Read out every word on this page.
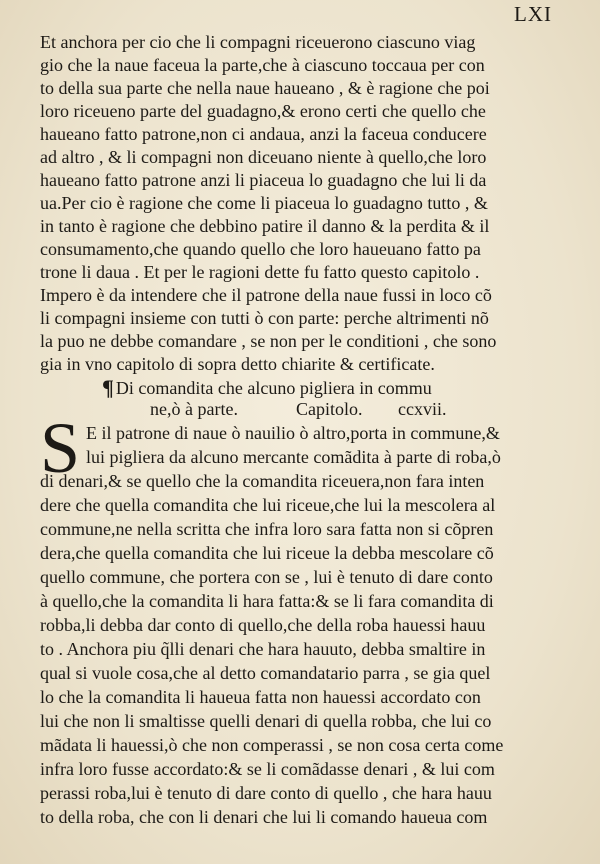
LXI
Et anchora per cio che li compagni riceuerono ciascuno viag
gio che la naue faceua la parte,che à ciascuno toccaua per con
to della sua parte che nella naue haueano , & è ragione che poi
loro riceueno parte del guadagno,& erono certi che quello che
haueano fatto patrone,non ci andaua, anzi la faceua conducere
ad altro , & li compagni non diceuano niente à quello,che loro
haueano fatto patrone anzi li piaceua lo guadagno che lui li da
ua.Per cio è ragione che come li piaceua lo guadagno tutto , &
in tanto è ragione che debbino patire il danno & la perdita & il
consumamento,che quando quello che loro haueuano fatto pa
trone li daua . Et per le ragioni dette fu fatto questo capitolo .
Impero è da intendere che il patrone della naue fussi in loco cõ
li compagni insieme con tutti ò con parte: perche altrimenti nõ
la puo ne debbe comandare , se non per le conditioni , che sono
gia in vno capitolo di sopra detto chiarite & certificate.
¶ Di comandita che alcuno pigliera in commu
ne,ò à parte.	Capitolo. ccxvii.
S E il patrone di naue ò nauilio ò altro,porta in commune,&
lui pigliera da alcuno mercante comãdita à parte di roba,ò
di denari,& se quello che la comandita riceuera,non fara inten
dere che quella comandita che lui riceue,che lui la mescolera al
commune,ne nella scritta che infra loro sara fatta non si cõpren
dera,che quella comandita che lui riceue la debba mescolare cõ
quello commune, che portera con se , lui è tenuto di dare conto
à quello,che la comandita li hara fatta:& se li fara comandita di
robba,li debba dar conto di quello,che della roba hauessi hauu
to . Anchora piu q̃lli denari che hara hauuto, debba smaltire in
qual si vuole cosa,che al detto comandatario parra , se gia quel
lo che la comandita li haueua fatta non hauessi accordato con
lui che non li smaltisse quelli denari di quella robba, che lui co
mãdata li hauessi,ò che non comperassi , se non cosa certa come
infra loro fusse accordato:& se li comãdasse denari , & lui com
perassi roba,lui è tenuto di dare conto di quello , che hara hauu
to della roba, che con li denari che lui li comando haueua com
